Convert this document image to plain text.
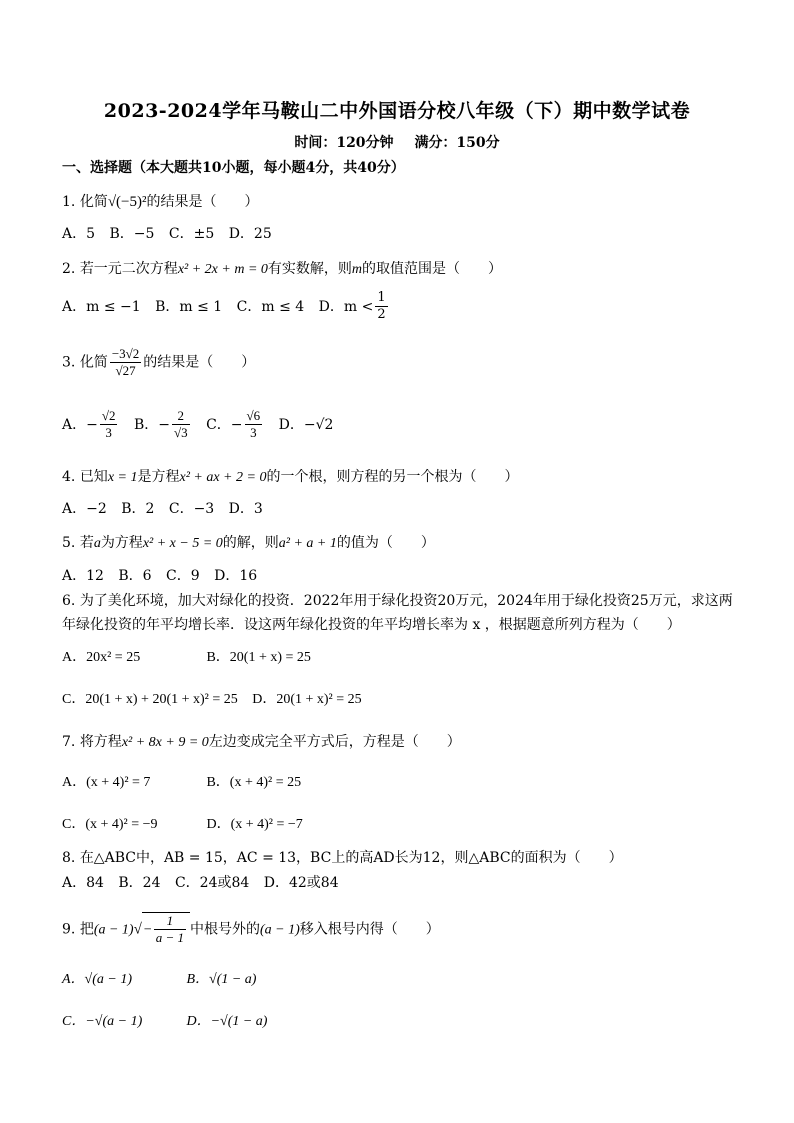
2023-2024学年马鞍山二中外国语分校八年级（下）期中数学试卷
时间：120分钟 满分：150分
一、选择题（本大题共10小题，每小题4分，共40分）
1. 化简√(−5)²的结果是（　　）
A．5 B．−5 C．±5 D．25
2. 若一元二次方程x² + 2x + m = 0有实数解，则m的取值范围是（　　）
A．m ≤ −1 B．m ≤ 1 C．m ≤ 4 D．$m < \frac{1}{2}$
3. 化简 $\frac{-3√2}{√27}$ 的结果是（　　）
A．− $\frac{√2}{3}$ B．− $\frac{2}{√3}$ C．− $\frac{√6}{3}$ D．−√2
4. 已知x = 1是方程x² + ax + 2 = 0的一个根，则方程的另一个根为（　　）
A．−2 B．2 C．−3 D．3
5. 若a为方程x² + x − 5 = 0的解，则a² + a + 1的值为（　　）
A．12 B．6 C．9 D．16
6. 为了美化环境，加大对绿化的投资．2022年用于绿化投资20万元，2024年用于绿化投资25万元，求这两年绿化投资的年平均增长率．设这两年绿化投资的年平均增长率为 x ，根据题意所列方程为（　　）
A．20x² = 25	B．20(1 + x) = 25
C．20(1 + x) + 20(1 + x)² = 25 D．20(1 + x)² = 25
7. 将方程x² + 8x + 9 = 0左边变成完全平方式后，方程是（　　）
A．(x + 4)² = 7	B．(x + 4)² = 25
C．(x + 4)² = −9	D．(x + 4)² = −7
8. 在△ABC中，AB = 15，AC = 13，BC上的高AD长为12，则△ABC的面积为（　　）
A．84 B．24 C．24或84 D．42或84
9. 把$(a - 1)√ - \frac{1}{a - 1}$ 中根号外的(a − 1)移入根号内得（　　）
A．√(a − 1)	B．√(1 − a)
C．−√(a − 1)	D．−√(1 − a)
